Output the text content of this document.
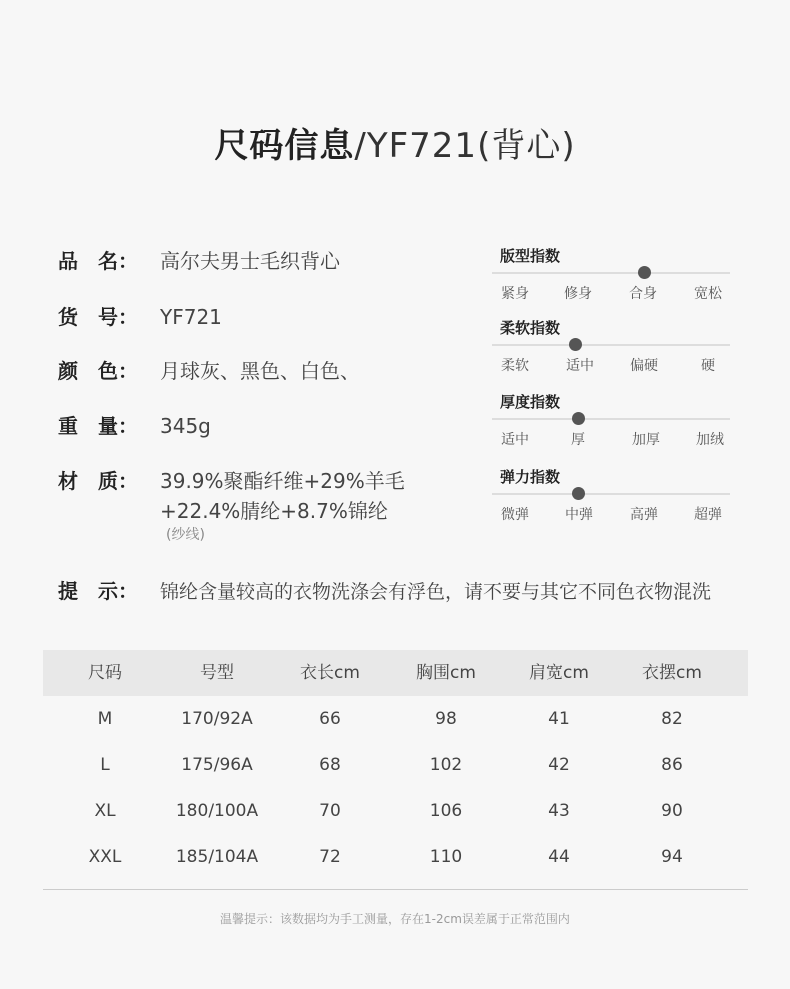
尺码信息/YF721(背心)
品　名： 高尔夫男士毛织背心
货　号： YF721
颜　色： 月球灰、黑色、白色、
重　量： 345g
材　质： 39.9%聚酯纤维+29%羊毛
+22.4%腈纶+8.7%锦纶
(纱线)
版型指数
紧身	修身	合身	宽松
柔软指数
柔软	适中	偏硬	硬
厚度指数
适中	厚	加厚	加绒
弹力指数
微弹	中弹	高弹	超弹
提　示： 锦纶含量较高的衣物洗涤会有浮色，请不要与其它不同色衣物混洗
尺码	号型	衣长cm	胸围cm	肩宽cm	衣摆cm
M	170/92A	66	98	41	82
L	175/96A	68	102	42	86
XL	180/100A	70	106	43	90
XXL	185/104A	72	110	44	94
温馨提示：该数据均为手工测量，存在1-2cm误差属于正常范围内
